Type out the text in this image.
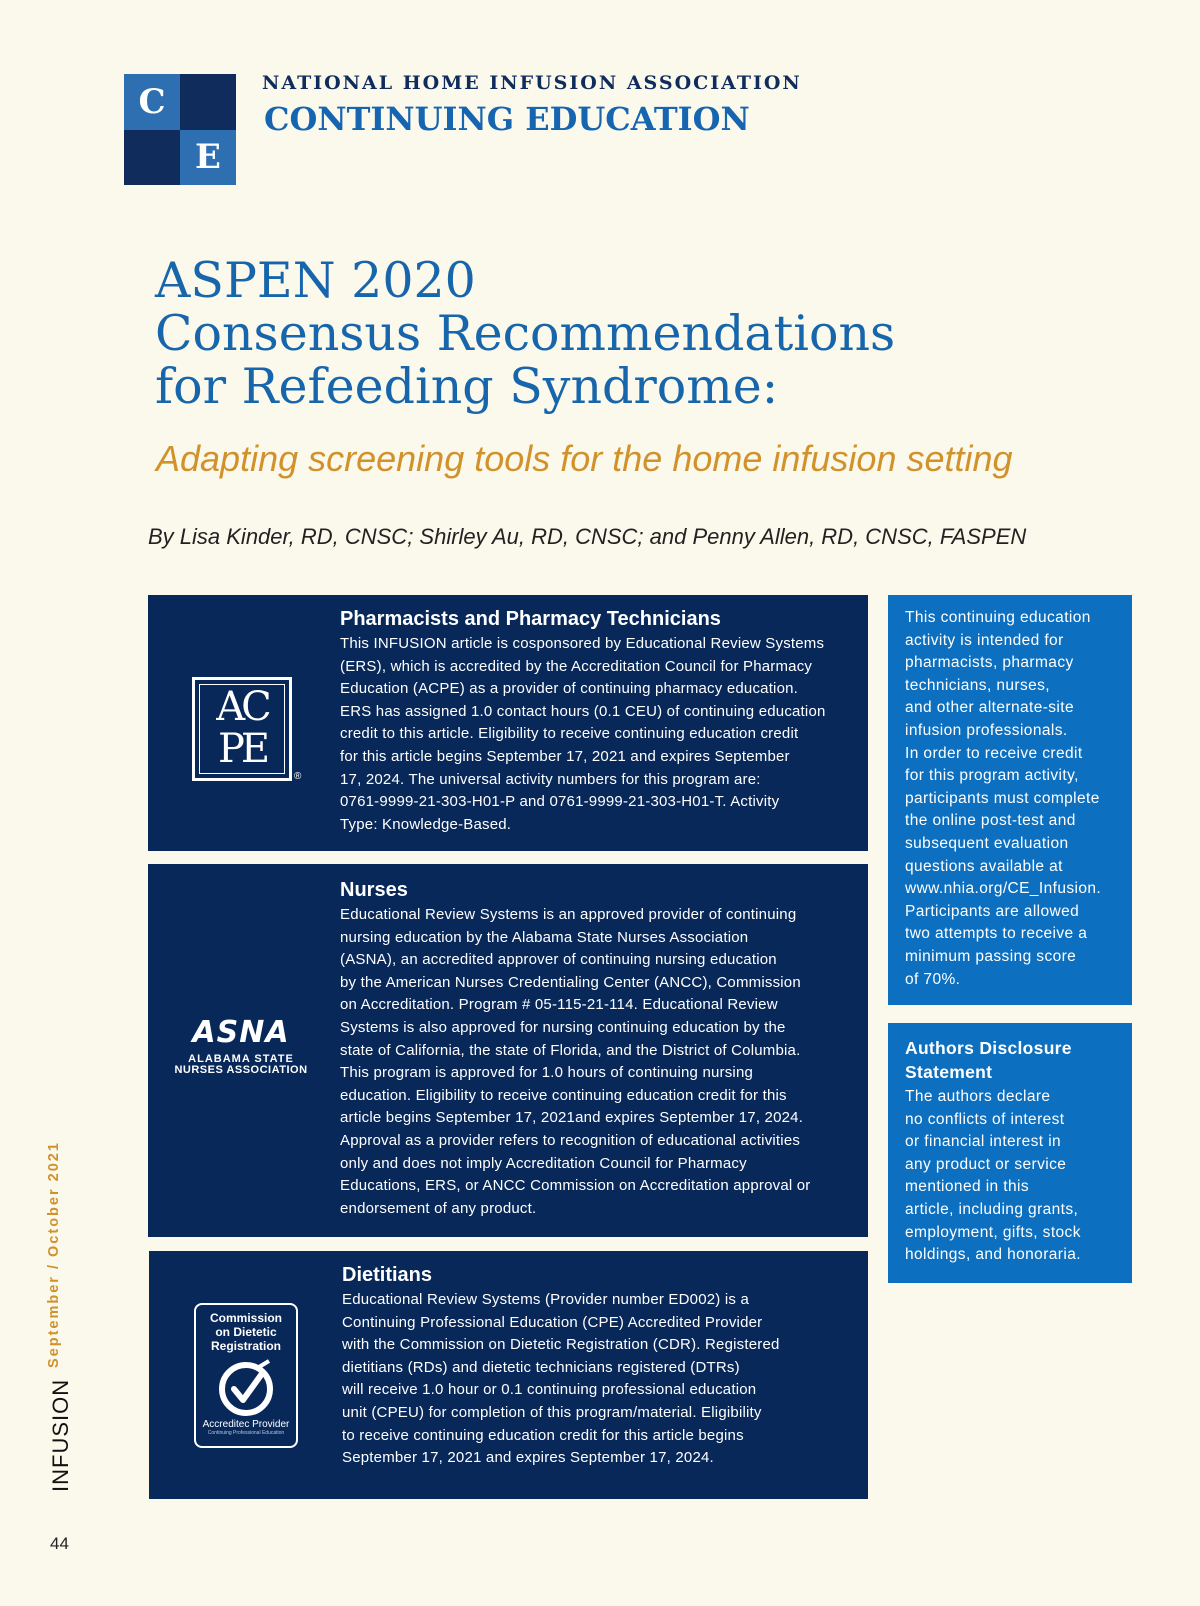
C
E
NATIONAL HOME INFUSION ASSOCIATION
CONTINUING EDUCATION
ASPEN 2020
Consensus Recommendations
for Refeeding Syndrome:
Adapting screening tools for the home infusion setting
By Lisa Kinder, RD, CNSC; Shirley Au, RD, CNSC; and Penny Allen, RD, CNSC, FASPEN
AC
PE
®
Pharmacists and Pharmacy Technicians
This INFUSION article is cosponsored by Educational Review Systems
(ERS), which is accredited by the Accreditation Council for Pharmacy
Education (ACPE) as a provider of continuing pharmacy education.
ERS has assigned 1.0 contact hours (0.1 CEU) of continuing education
credit to this article. Eligibility to receive continuing education credit
for this article begins September 17, 2021 and expires September
17, 2024. The universal activity numbers for this program are:
0761-9999-21-303-H01-P and 0761-9999-21-303-H01-T. Activity
Type: Knowledge-Based.
ASNA
ALABAMA STATE
NURSES ASSOCIATION
Nurses
Educational Review Systems is an approved provider of continuing
nursing education by the Alabama State Nurses Association
(ASNA), an accredited approver of continuing nursing education
by the American Nurses Credentialing Center (ANCC), Commission
on Accreditation. Program # 05-115-21-114. Educational Review
Systems is also approved for nursing continuing education by the
state of California, the state of Florida, and the District of Columbia.
This program is approved for 1.0 hours of continuing nursing
education. Eligibility to receive continuing education credit for this
article begins September 17, 2021and expires September 17, 2024.
Approval as a provider refers to recognition of educational activities
only and does not imply Accreditation Council for Pharmacy
Educations, ERS, or ANCC Commission on Accreditation approval or
endorsement of any product.
Commission
on Dietetic
Registration
Accreditec Provider
Continuing Professional Education
Dietitians
Educational Review Systems (Provider number ED002) is a
Continuing Professional Education (CPE) Accredited Provider
with the Commission on Dietetic Registration (CDR). Registered
dietitians (RDs) and dietetic technicians registered (DTRs)
will receive 1.0 hour or 0.1 continuing professional education
unit (CPEU) for completion of this program/material. Eligibility
to receive continuing education credit for this article begins
September 17, 2021 and expires September 17, 2024.
This continuing education
activity is intended for
pharmacists, pharmacy
technicians, nurses,
and other alternate-site
infusion professionals.
In order to receive credit
for this program activity,
participants must complete
the online post-test and
subsequent evaluation
questions available at
www.nhia.org/CE_Infusion.
Participants are allowed
two attempts to receive a
minimum passing score
of 70%.
Authors Disclosure
Statement
The authors declare
no conflicts of interest
or financial interest in
any product or service
mentioned in this
article, including grants,
employment, gifts, stock
holdings, and honoraria.
September / October 2021
INFUSION
44
